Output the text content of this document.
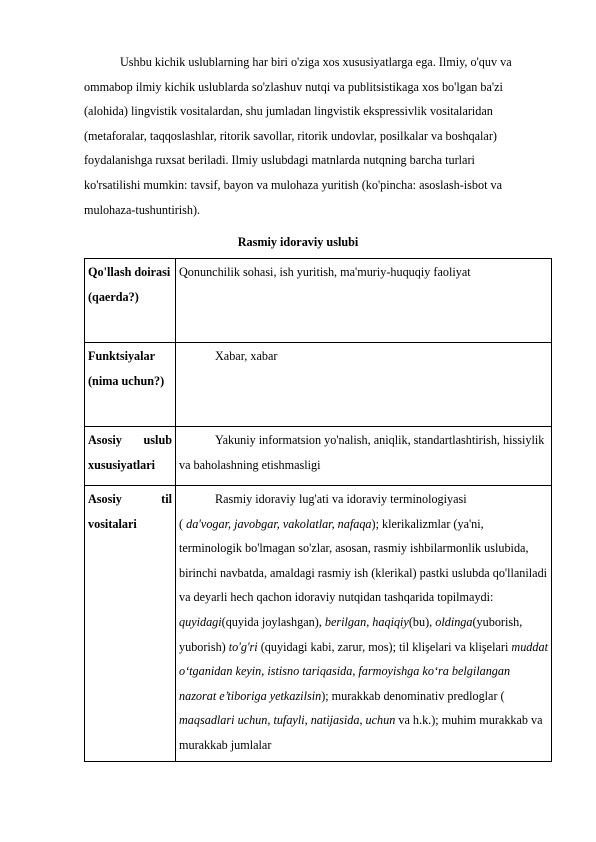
Ushbu kichik uslublarning har biri o'ziga xos xususiyatlarga ega. Ilmiy, o'quv va ommabop ilmiy kichik uslublarda so'zlashuv nutqi va publitsistikaga xos bo'lgan ba'zi (alohida) lingvistik vositalardan, shu jumladan lingvistik ekspressivlik vositalaridan (metaforalar, taqqoslashlar, ritorik savollar, ritorik undovlar, posilkalar va boshqalar) foydalanishga ruxsat beriladi. Ilmiy uslubdagi matnlarda nutqning barcha turlari ko'rsatilishi mumkin: tavsif, bayon va mulohaza yuritish (ko'pincha: asoslash-isbot va mulohaza-tushuntirish).

Rasmiy idoraviy uslubi
Qo'llash doirasi (qaerda?)	Qonunchilik sohasi, ish yuritish, ma'muriy-huquqiy faoliyat
Funktsiyalar (nima uchun?)	Xabar, xabar
Asosiy uslub xususiyatlari	Yakuniy informatsion yo'nalish, aniqlik, standartlashtirish, hissiylik va baholashning etishmasligi
Asosiy til vositalari	Rasmiy idoraviy lug'ati va idoraviy terminologiyasi
( da'vogar, javobgar, vakolatlar, nafaqa); klerikalizmlar (ya'ni, terminologik bo'lmagan so'zlar, asosan, rasmiy ishbilarmonlik uslubida, birinchi navbatda, amaldagi rasmiy ish (klerikal) pastki uslubda qo'llaniladi va deyarli hech qachon idoraviy nutqidan tashqarida topilmaydi: quyidagi(quyida joylashgan), berilgan, haqiqiy(bu), oldinga(yuborish, yuborish) to'g'ri (quyidagi kabi, zarur, mos); til klişelari va klişelari muddat o‘tganidan keyin, istisno tariqasida, farmoyishga ko‘ra belgilangan nazorat e’tiboriga yetkazilsin); murakkab denominativ predloglar ( maqsadlari uchun, tufayli, natijasida, uchun va h.k.); muhim murakkab va murakkab jumlalar
